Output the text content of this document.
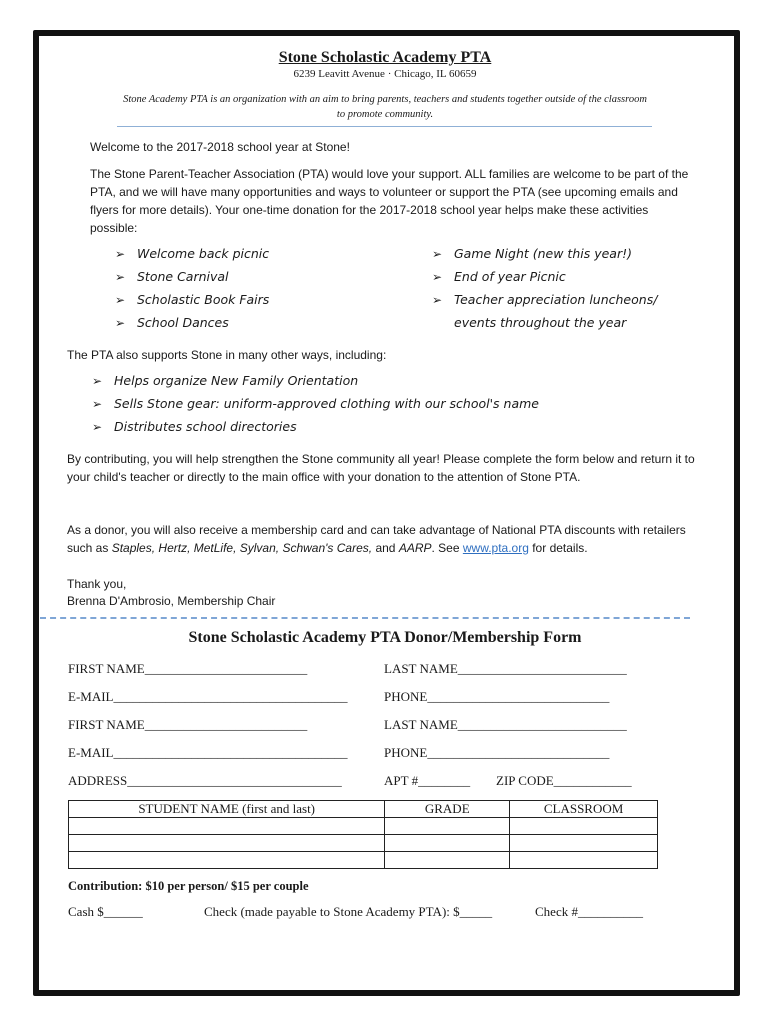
Stone Scholastic Academy PTA
6239 Leavitt Avenue · Chicago, IL 60659
Stone Academy PTA is an organization with an aim to bring parents, teachers and students together outside of the classroom to promote community.
Welcome to the 2017-2018 school year at Stone!
The Stone Parent-Teacher Association (PTA) would love your support. ALL families are welcome to be part of the PTA, and we will have many opportunities and ways to volunteer or support the PTA (see upcoming emails and flyers for more details). Your one-time donation for the 2017-2018 school year helps make these activities possible:
➢ Welcome back picnic
➢ Stone Carnival
➢ Scholastic Book Fairs
➢ School Dances
➢ Game Night (new this year!)
➢ End of year Picnic
➢ Teacher appreciation luncheons/
events throughout the year
The PTA also supports Stone in many other ways, including:
➢ Helps organize New Family Orientation
➢ Sells Stone gear: uniform-approved clothing with our school's name
➢ Distributes school directories
By contributing, you will help strengthen the Stone community all year! Please complete the form below and return it to your child's teacher or directly to the main office with your donation to the attention of Stone PTA.
As a donor, you will also receive a membership card and can take advantage of National PTA discounts with retailers such as Staples, Hertz, MetLife, Sylvan, Schwan's Cares, and AARP. See www.pta.org for details.
Thank you,
Brenna D'Ambrosio, Membership Chair
Stone Scholastic Academy PTA Donor/Membership Form
FIRST NAME_________________________	LAST NAME__________________________
E-MAIL____________________________________	PHONE____________________________
FIRST NAME_________________________	LAST NAME__________________________
E-MAIL____________________________________	PHONE____________________________
ADDRESS_________________________________	APT #________ ZIP CODE____________
STUDENT NAME (first and last)	GRADE	CLASSROOM

Contribution: $10 per person/ $15 per couple
Cash $______	Check (made payable to Stone Academy PTA): $_____	Check #__________
